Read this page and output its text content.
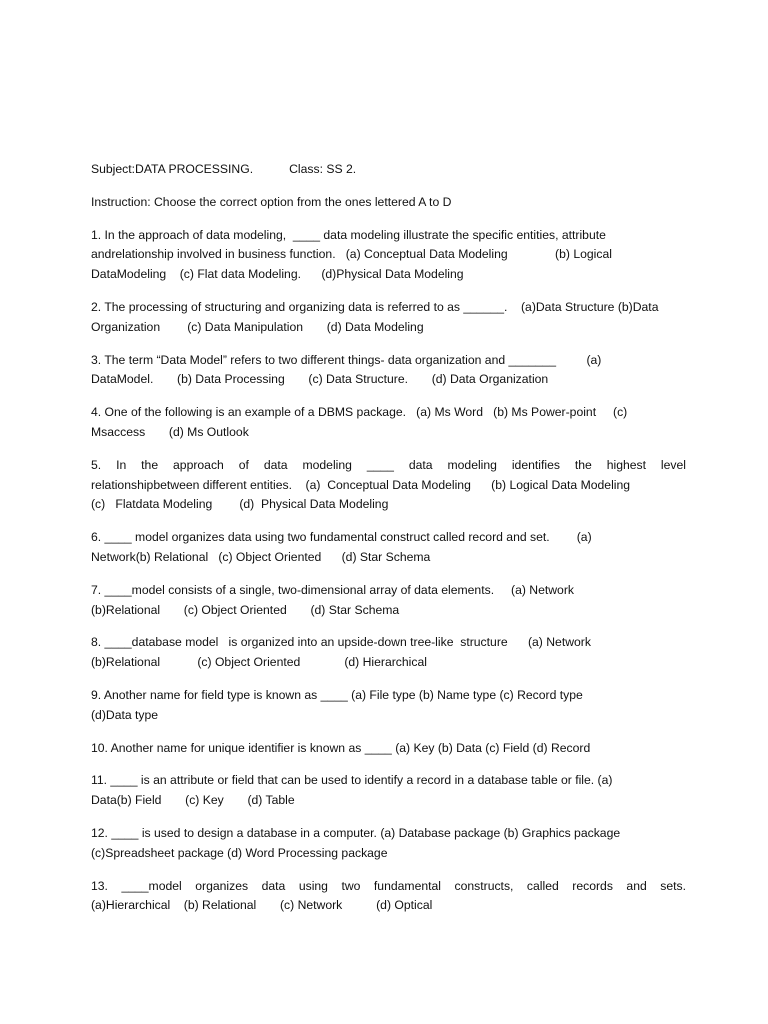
Subject:DATA PROCESSING.	Class: SS 2.
Instruction: Choose the correct option from the ones lettered A to D
1. In the approach of data modeling,  ____ data modeling illustrate the specific entities, attribute
andrelationship involved in business function.   (a) Conceptual Data Modeling              (b) Logical
DataModeling    (c) Flat data Modeling.      (d)Physical Data Modeling
2. The processing of structuring and organizing data is referred to as ______.    (a)Data Structure (b)Data
Organization        (c) Data Manipulation       (d) Data Modeling
3. The term “Data Model” refers to two different things- data organization and _______         (a)
DataModel.       (b) Data Processing       (c) Data Structure.       (d) Data Organization
4. One of the following is an example of a DBMS package.   (a) Ms Word   (b) Ms Power-point     (c)
Msaccess       (d) Ms Outlook
5. In the approach of data modeling ____ data modeling identifies the highest level
relationshipbetween different entities.    (a)  Conceptual Data Modeling      (b) Logical Data Modeling
(c)   Flatdata Modeling        (d)  Physical Data Modeling
6. ____ model organizes data using two fundamental construct called record and set.        (a)
Network(b) Relational   (c) Object Oriented      (d) Star Schema
7. ____model consists of a single, two-dimensional array of data elements.     (a) Network
(b)Relational       (c) Object Oriented       (d) Star Schema
8. ____database model   is organized into an upside-down tree-like  structure      (a) Network
(b)Relational           (c) Object Oriented             (d) Hierarchical
9. Another name for field type is known as ____ (a) File type (b) Name type (c) Record type
(d)Data type
10. Another name for unique identifier is known as ____ (a) Key (b) Data (c) Field (d) Record
11. ____ is an attribute or field that can be used to identify a record in a database table or file. (a)
Data(b) Field       (c) Key       (d) Table
12. ____ is used to design a database in a computer. (a) Database package (b) Graphics package
(c)Spreadsheet package (d) Word Processing package
13. ____model organizes data using two fundamental constructs, called records and sets.
(a)Hierarchical    (b) Relational       (c) Network          (d) Optical
